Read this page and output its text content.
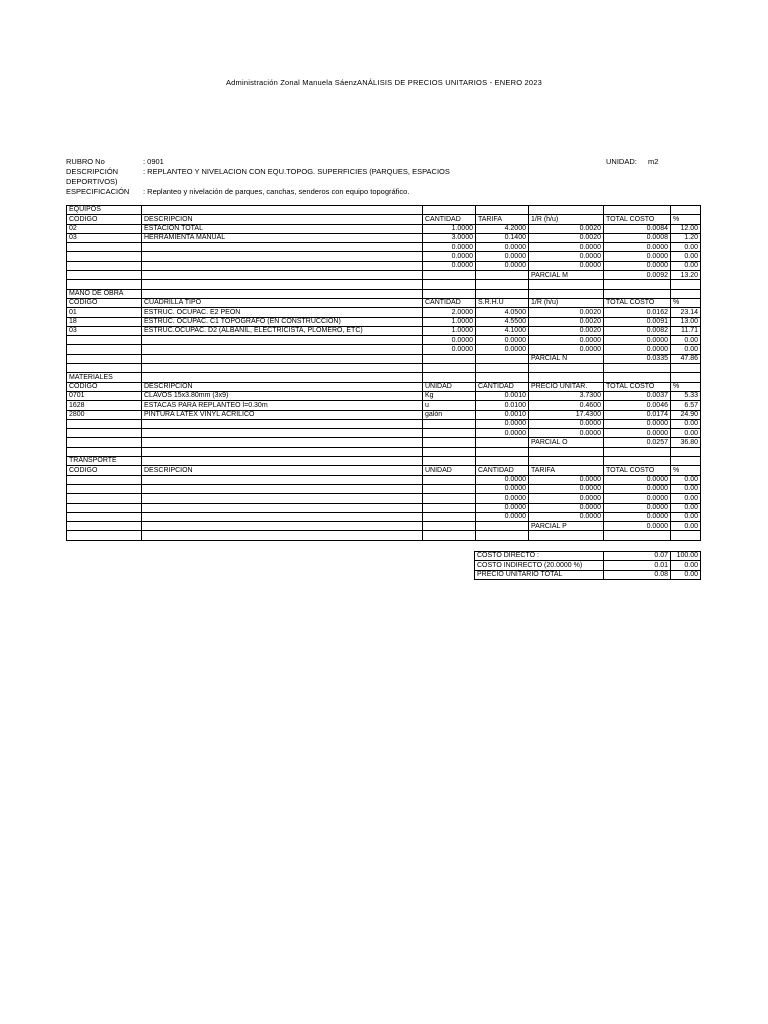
Administración Zonal Manuela SáenzANÁLISIS DE PRECIOS UNITARIOS - ENERO 2023
RUBRO No	: 0901	UNIDAD: m2
DESCRIPCIÓN	: REPLANTEO Y NIVELACION CON EQU.TOPOG. SUPERFICIES (PARQUES, ESPACIOS
DEPORTIVOS)
ESPECIFICACIÓN : Replanteo y nivelación de parques, canchas, senderos con equipo topográfico.
EQUIPOS						
CODIGO	DESCRIPCION	CANTIDAD	TARIFA	1/R (h/u)	TOTAL COSTO	%
02	ESTACION TOTAL	1.0000	4.2000	0.0020	0.0084	12.00
03	HERRAMIENTA MANUAL	3.0000	0.1400	0.0020	0.0008	1.20
		0.0000	0.0000	0.0000	0.0000	0.00
		0.0000	0.0000	0.0000	0.0000	0.00
		0.0000	0.0000	0.0000	0.0000	0.00
				PARCIAL M	0.0092	13.20

MANO DE OBRA						
CODIGO	CUADRILLA TIPO	CANTIDAD	S.R.H.U	1/R (h/u)	TOTAL COSTO	%
01	ESTRUC. OCUPAC. E2 PEON	2.0000	4.0500	0.0020	0.0162	23.14
18	ESTRUC. OCUPAC. C1 TOPOGRAFO (EN CONSTRUCCION)	1.0000	4.5500	0.0020	0.0091	13.00
03	ESTRUC.OCUPAC. D2 (ALBAÑIL, ELECTRICISTA, PLOMERO, ETC)	1.0000	4.1000	0.0020	0.0082	11.71
		0.0000	0.0000	0.0000	0.0000	0.00
		0.0000	0.0000	0.0000	0.0000	0.00
				PARCIAL N	0.0335	47.86

MATERIALES						
CODIGO	DESCRIPCION	UNIDAD	CANTIDAD	PRECIO UNITAR.	TOTAL COSTO	%
0701	CLAVOS 15x3.80mm (3x9)	Kg	0.0010	3.7300	0.0037	5.33
1628	ESTACAS PARA REPLANTEO l=0.30m	u	0.0100	0.4600	0.0046	6.57
2800	PINTURA LATEX VINYL ACRILICO	galón	0.0010	17.4300	0.0174	24.90
			0.0000	0.0000	0.0000	0.00
			0.0000	0.0000	0.0000	0.00
				PARCIAL O	0.0257	36.80

TRANSPORTE						
CODIGO	DESCRIPCION	UNIDAD	CANTIDAD	TARIFA	TOTAL COSTO	%
			0.0000	0.0000	0.0000	0.00
			0.0000	0.0000	0.0000	0.00
			0.0000	0.0000	0.0000	0.00
			0.0000	0.0000	0.0000	0.00
			0.0000	0.0000	0.0000	0.00
				PARCIAL P	0.0000	0.00

COSTO DIRECTO :	0.07	100.00
COSTO INDIRECTO (20.0000 %)	0.01	0.00
PRECIO UNITARIO TOTAL	0.08	0.00
